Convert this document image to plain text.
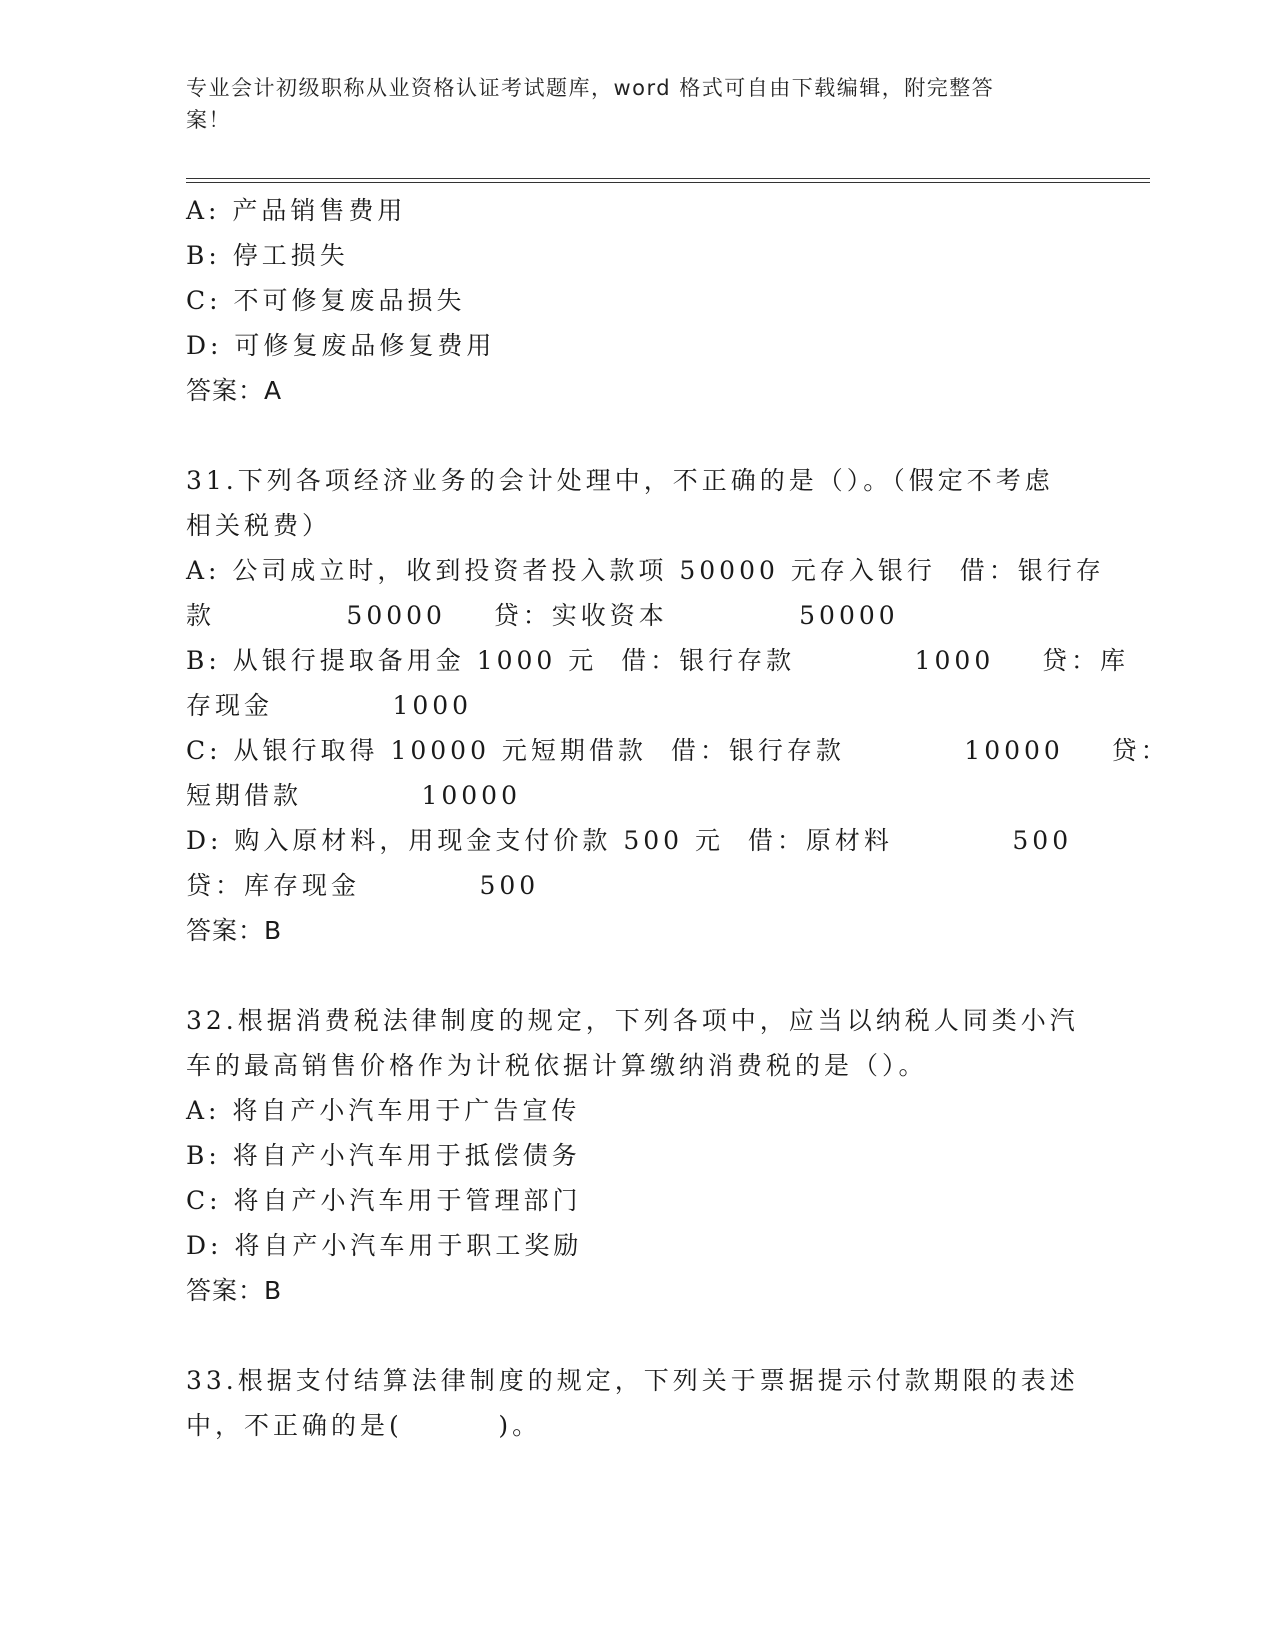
专业会计初级职称从业资格认证考试题库，word 格式可自由下载编辑，附完整答
案！
A: 产品销售费用
B: 停工损失
C: 不可修复废品损失
D: 可修复废品修复费用
答案：A
31.下列各项经济业务的会计处理中，不正确的是（）。（假定不考虑
相关税费）
A: 公司成立时，收到投资者投入款项 50000 元存入银行  借：银行存
款           50000    贷：实收资本           50000
B: 从银行提取备用金 1000 元  借：银行存款          1000    贷：库
存现金          1000
C: 从银行取得 10000 元短期借款  借：银行存款          10000    贷：
短期借款          10000
D: 购入原材料，用现金支付价款 500 元  借：原材料          500
贷：库存现金          500
答案：B
32.根据消费税法律制度的规定，下列各项中，应当以纳税人同类小汽
车的最高销售价格作为计税依据计算缴纳消费税的是（）。
A: 将自产小汽车用于广告宣传
B: 将自产小汽车用于抵偿债务
C: 将自产小汽车用于管理部门
D: 将自产小汽车用于职工奖励
答案：B
33.根据支付结算法律制度的规定，下列关于票据提示付款期限的表述
中，不正确的是(        )。
